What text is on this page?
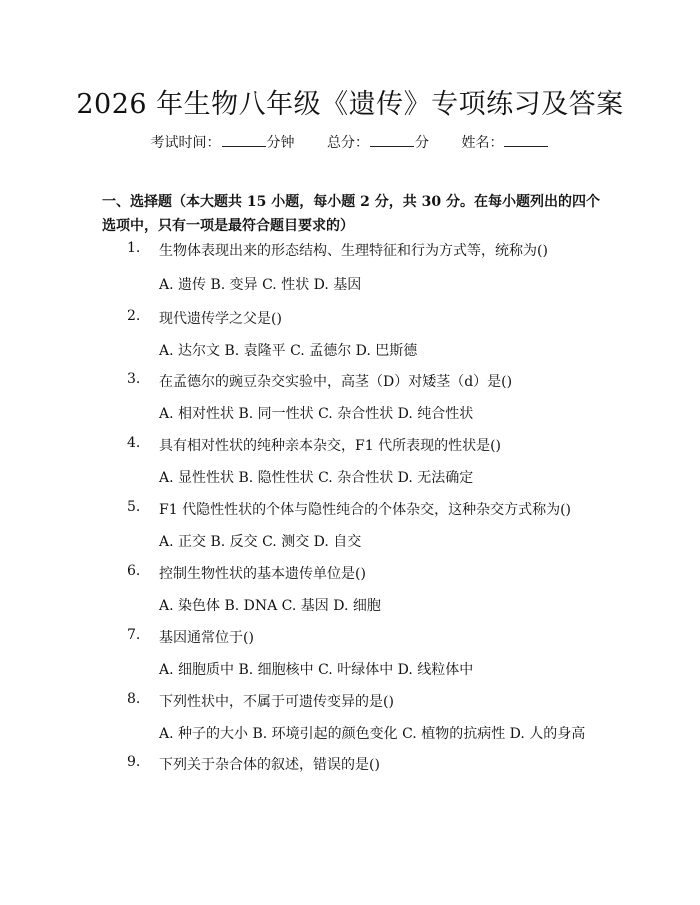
2026 年生物八年级《遗传》专项练习及答案
考试时间：	分钟 总分：	分 姓名：
一、选择题（本大题共 15 小题，每小题 2 分，共 30 分。在每小题列出的四个选项中，只有一项是最符合题目要求的）
1. 生物体表现出来的形态结构、生理特征和行为方式等，统称为()
A. 遗传 B. 变异 C. 性状 D. 基因
2. 现代遗传学之父是()
A. 达尔文 B. 袁隆平 C. 孟德尔 D. 巴斯德
3. 在孟德尔的豌豆杂交实验中，高茎（D）对矮茎（d）是()
A. 相对性状 B. 同一性状 C. 杂合性状 D. 纯合性状
4. 具有相对性状的纯种亲本杂交，F1 代所表现的性状是()
A. 显性性状 B. 隐性性状 C. 杂合性状 D. 无法确定
5. F1 代隐性性状的个体与隐性纯合的个体杂交，这种杂交方式称为()
A. 正交 B. 反交 C. 测交 D. 自交
6. 控制生物性状的基本遗传单位是()
A. 染色体 B. DNA C. 基因 D. 细胞
7. 基因通常位于()
A. 细胞质中 B. 细胞核中 C. 叶绿体中 D. 线粒体中
8. 下列性状中，不属于可遗传变异的是()
A. 种子的大小 B. 环境引起的颜色变化 C. 植物的抗病性 D. 人的身高
9. 下列关于杂合体的叙述，错误的是()
